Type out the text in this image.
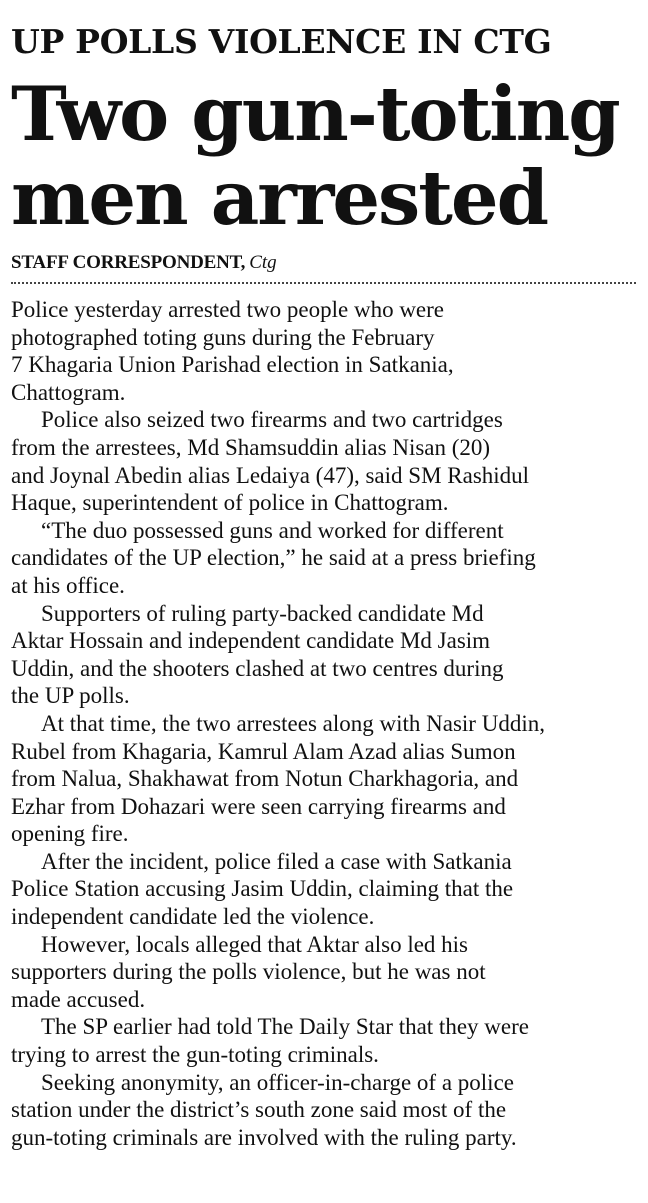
UP POLLS VIOLENCE IN CTG
Two gun-toting
men arrested
STAFF CORRESPONDENT, Ctg

Police yesterday arrested two people who were
photographed toting guns during the February
7 Khagaria Union Parishad election in Satkania,
Chattogram.

Police also seized two firearms and two cartridges
from the arrestees, Md Shamsuddin alias Nisan (20)
and Joynal Abedin alias Ledaiya (47), said SM Rashidul
Haque, superintendent of police in Chattogram.

“The duo possessed guns and worked for different
candidates of the UP election,” he said at a press briefing
at his office.

Supporters of ruling party-backed candidate Md
Aktar Hossain and independent candidate Md Jasim
Uddin, and the shooters clashed at two centres during
the UP polls.

At that time, the two arrestees along with Nasir Uddin,
Rubel from Khagaria, Kamrul Alam Azad alias Sumon
from Nalua, Shakhawat from Notun Charkhagoria, and
Ezhar from Dohazari were seen carrying firearms and
opening fire.

After the incident, police filed a case with Satkania
Police Station accusing Jasim Uddin, claiming that the
independent candidate led the violence.

However, locals alleged that Aktar also led his
supporters during the polls violence, but he was not
made accused.

The SP earlier had told The Daily Star that they were
trying to arrest the gun-toting criminals.

Seeking anonymity, an officer-in-charge of a police
station under the district’s south zone said most of the
gun-toting criminals are involved with the ruling party.
